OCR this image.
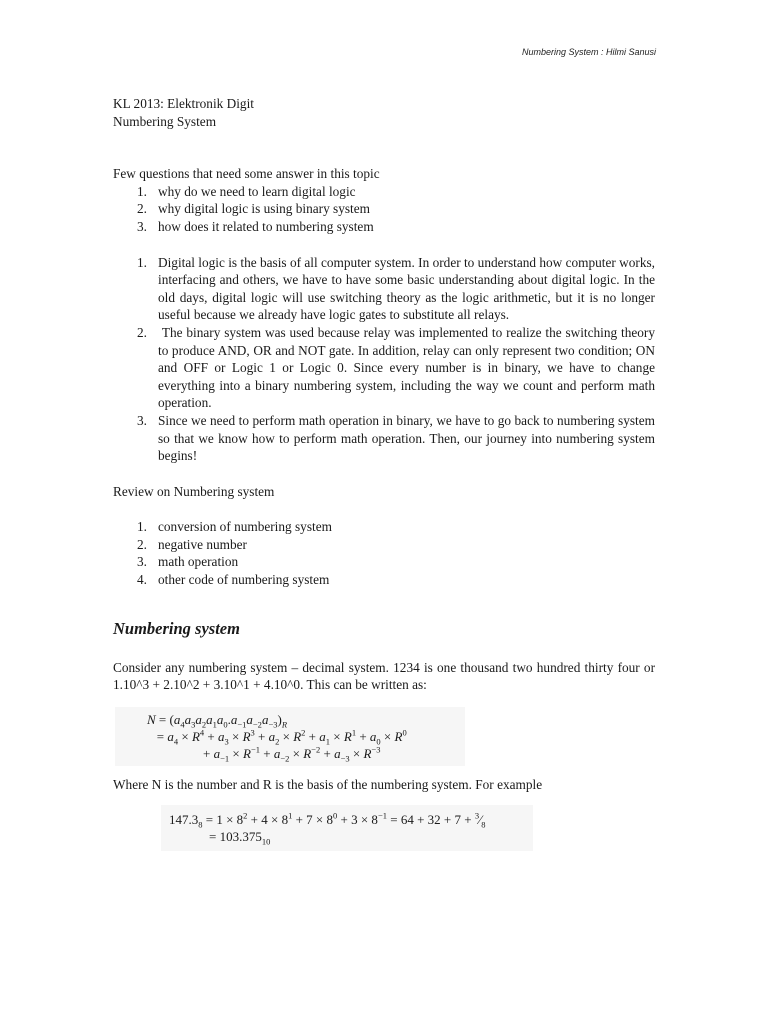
Numbering System : Hilmi Sanusi

KL 2013: Elektronik Digit

Numbering System

Few questions that need some answer in this topic

1. why do we need to learn digital logic
2. why digital logic is using binary system
3. how does it related to numbering system
1. Digital logic is the basis of all computer system. In order to understand how computer works, interfacing and others, we have to have some basic understanding about digital logic. In the old days, digital logic will use switching theory as the logic arithmetic, but it is no longer useful because we already have logic gates to substitute all relays.
2. The binary system was used because relay was implemented to realize the switching theory to produce AND, OR and NOT gate. In addition, relay can only represent two condition; ON and OFF or Logic 1 or Logic 0. Since every number is in binary, we have to change everything into a binary numbering system, including the way we count and perform math operation.
3. Since we need to perform math operation in binary, we have to go back to numbering system so that we know how to perform math operation. Then, our journey into numbering system begins!

Review on Numbering system

1. conversion of numbering system
2. negative number
3. math operation
4. other code of numbering system
Numbering system

Consider any numbering system – decimal system. 1234 is one thousand two hundred thirty four or 1.10^3 + 2.10^2 + 3.10^1 + 4.10^0. This can be written as:

$N = (a_4a_3a_2a_1a_0.a_{-1}a_{-2}a_{-3})_R$
= $a_4 \times R^4 + a_3 \times R^3 + a_2 \times R^2 + a_1 \times R^1 + a_0 \times R^0$
+ $a_{-1} \times R^{-1} + a_{-2} \times R^{-2} + a_{-3} \times R^{-3}$

Where N is the number and R is the basis of the numbering system. For example

$147.3_8 = 1 \times 8^2 + 4 \times 8^1 + 7 \times 8^0 + 3 \times 8^{-1} = 64 + 32 + 7$ + $^3⁄_8$
= $103.375_{10}$
